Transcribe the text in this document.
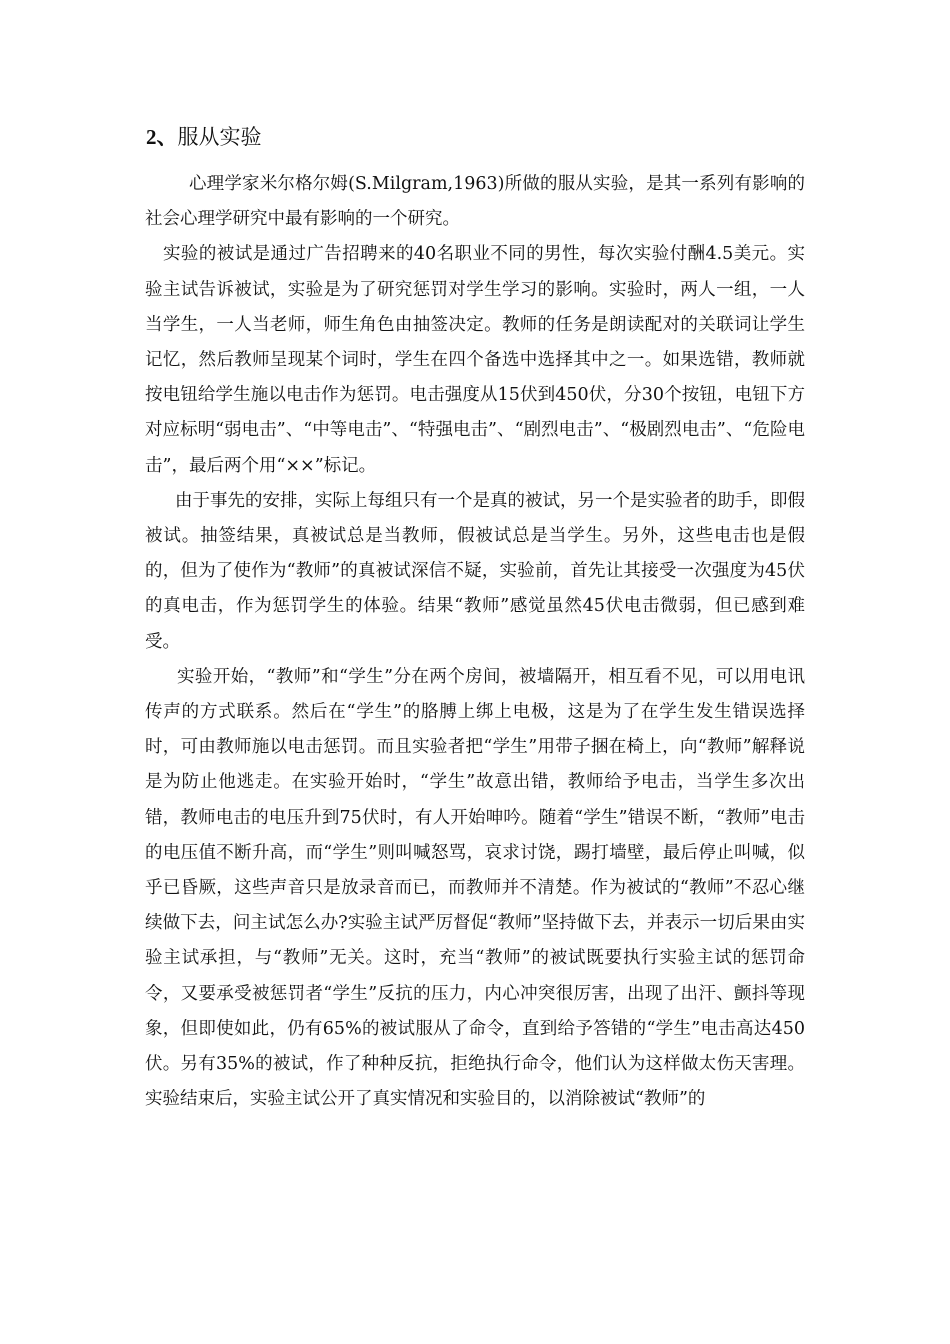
2、服从实验

心理学家米尔格尔姆(S.Milgram,1963)所做的服从实验，是其一系列有影响的社会心理学研究中最有影响的一个研究。

实验的被试是通过广告招聘来的40名职业不同的男性，每次实验付酬4.5美元。实验主试告诉被试，实验是为了研究惩罚对学生学习的影响。实验时，两人一组，一人当学生，一人当老师，师生角色由抽签决定。教师的任务是朗读配对的关联词让学生记忆，然后教师呈现某个词时，学生在四个备选中选择其中之一。如果选错，教师就按电钮给学生施以电击作为惩罚。电击强度从15伏到450伏，分30个按钮，电钮下方对应标明“弱电击”、“中等电击”、“特强电击”、“剧烈电击”、“极剧烈电击”、“危险电击”，最后两个用“××”标记。

由于事先的安排，实际上每组只有一个是真的被试，另一个是实验者的助手，即假被试。抽签结果，真被试总是当教师，假被试总是当学生。另外，这些电击也是假的，但为了使作为“教师”的真被试深信不疑，实验前，首先让其接受一次强度为45伏的真电击，作为惩罚学生的体验。结果“教师”感觉虽然45伏电击微弱，但已感到难受。

实验开始，“教师”和“学生”分在两个房间，被墙隔开，相互看不见，可以用电讯传声的方式联系。然后在“学生”的胳膊上绑上电极，这是为了在学生发生错误选择时，可由教师施以电击惩罚。而且实验者把“学生”用带子捆在椅上，向“教师”解释说是为防止他逃走。在实验开始时，“学生”故意出错，教师给予电击，当学生多次出错，教师电击的电压升到75伏时，有人开始呻吟。随着“学生”错误不断，“教师”电击的电压值不断升高，而“学生”则叫喊怒骂，哀求讨饶，踢打墙壁，最后停止叫喊，似乎已昏厥，这些声音只是放录音而已，而教师并不清楚。作为被试的“教师”不忍心继续做下去，问主试怎么办?实验主试严厉督促“教师”坚持做下去，并表示一切后果由实验主试承担，与“教师”无关。这时，充当“教师”的被试既要执行实验主试的惩罚命令，又要承受被惩罚者“学生”反抗的压力，内心冲突很厉害，出现了出汗、颤抖等现象，但即使如此，仍有65%的被试服从了命令，直到给予答错的“学生”电击高达450伏。另有35%的被试，作了种种反抗，拒绝执行命令，他们认为这样做太伤天害理。实验结束后，实验主试公开了真实情况和实验目的，以消除被试“教师”的
